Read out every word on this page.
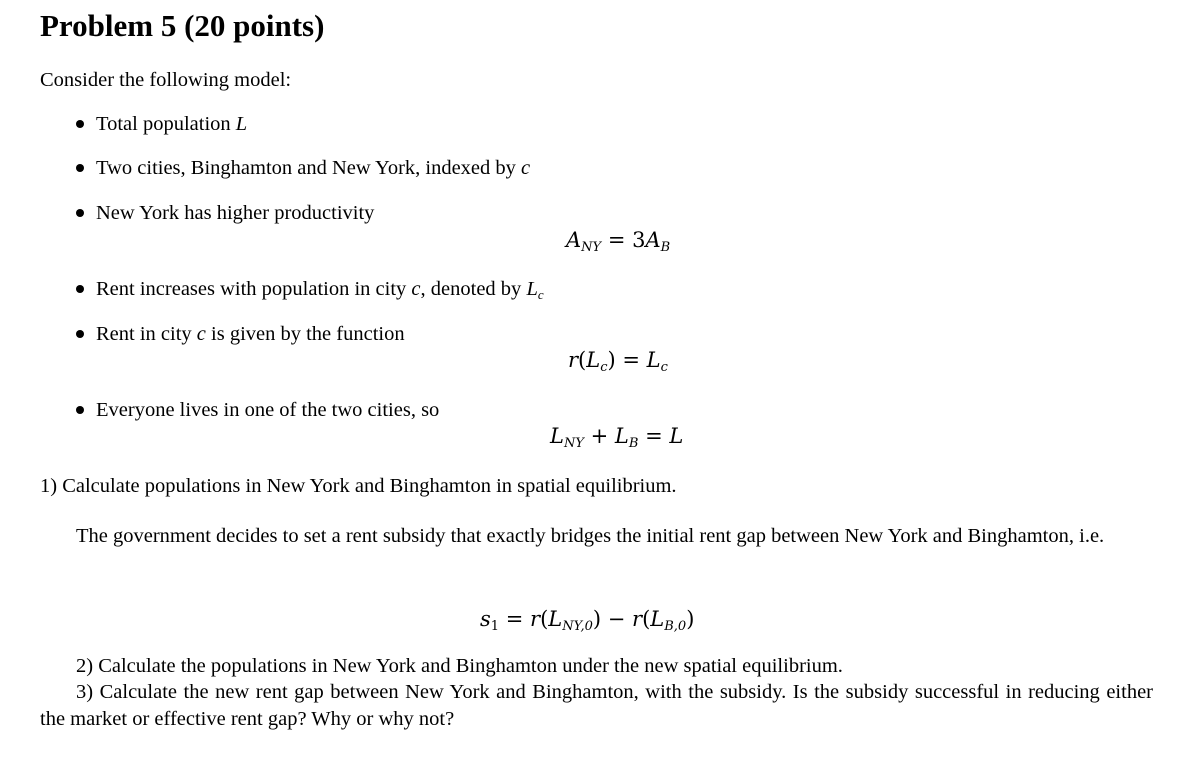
Problem 5 (20 points)
Consider the following model:
Total population L
Two cities, Binghamton and New York, indexed by c
New York has higher productivity
$A_{NY} = 3A_B$
Rent increases with population in city c, denoted by $L_c$
Rent in city c is given by the function
$r(L_c) = L_c$
Everyone lives in one of the two cities, so
$L_{NY} + L_B = L$
1) Calculate populations in New York and Binghamton in spatial equilibrium.
The government decides to set a rent subsidy that exactly bridges the initial rent gap between New York and Binghamton, i.e.
$s_1 = r(L_{NY,0}) - r(L_{B,0})$
2) Calculate the populations in New York and Binghamton under the new spatial equilibrium.
3) Calculate the new rent gap between New York and Binghamton, with the subsidy. Is the subsidy successful in reducing either the market or effective rent gap? Why or why not?
